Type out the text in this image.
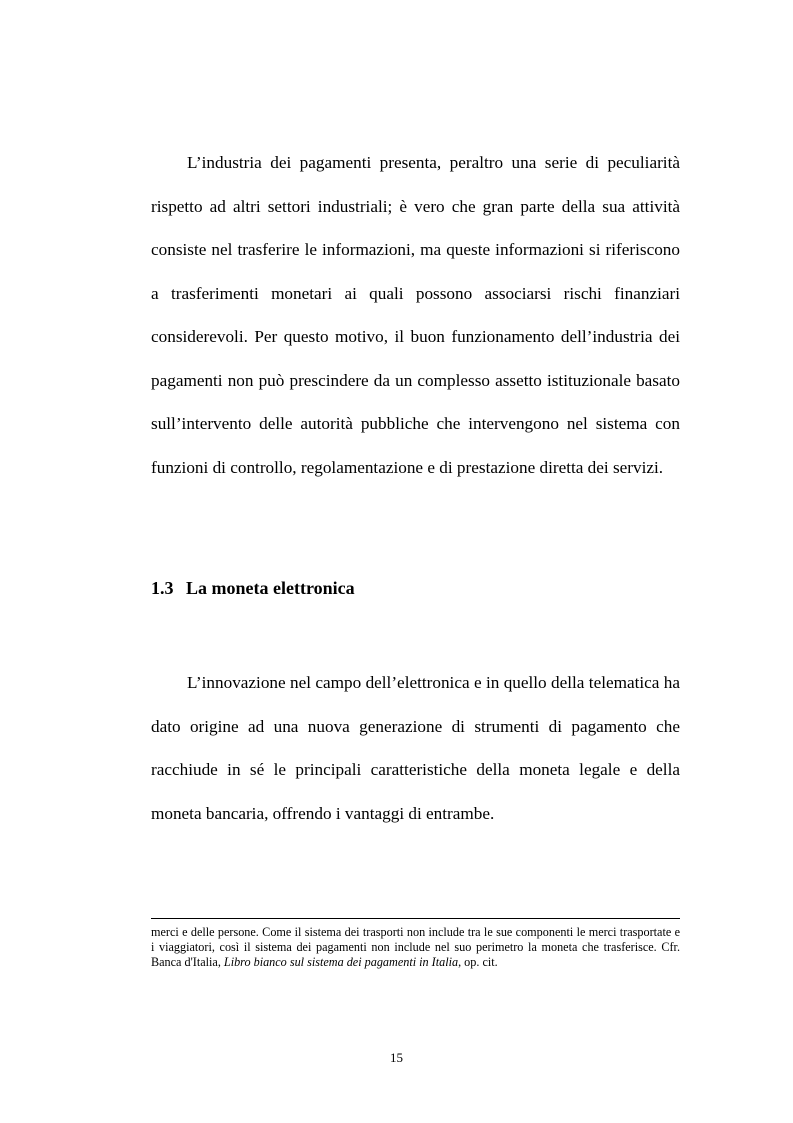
L’industria dei pagamenti presenta, peraltro una serie di peculiarità rispetto ad altri settori industriali; è vero che gran parte della sua attività consiste nel trasferire le informazioni, ma queste informazioni si riferiscono a trasferimenti monetari ai quali possono associarsi rischi finanziari considerevoli. Per questo motivo, il buon funzionamento dell’industria dei pagamenti non può prescindere da un complesso assetto istituzionale basato sull’intervento delle autorità pubbliche che intervengono nel sistema con funzioni di controllo, regolamentazione e di prestazione diretta dei servizi.

1.3 La moneta elettronica

L’innovazione nel campo dell’elettronica e in quello della telematica ha dato origine ad una nuova generazione di strumenti di pagamento che racchiude in sé le principali caratteristiche della moneta legale e della moneta bancaria, offrendo i vantaggi di entrambe.

merci e delle persone. Come il sistema dei trasporti non include tra le sue componenti le merci trasportate e i viaggiatori, così il sistema dei pagamenti non include nel suo perimetro la moneta che trasferisce. Cfr. Banca d'Italia, Libro bianco sul sistema dei pagamenti in Italia, op. cit.

15
